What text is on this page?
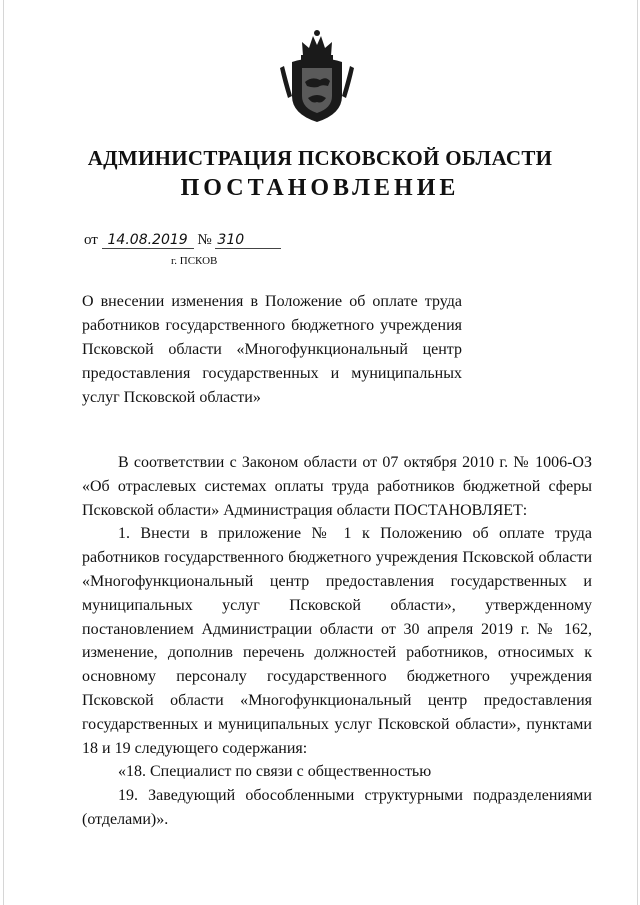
АДМИНИСТРАЦИЯ ПСКОВСКОЙ ОБЛАСТИ
ПОСТАНОВЛЕНИЕ
от 14.08.2019 № 310
г. ПСКОВ

О внесении изменения в Положение об оплате труда работников государственного бюджетного учреждения Псковской области «Многофункциональный центр предоставления государственных и муниципальных услуг Псковской области»

В соответствии с Законом области от 07 октября 2010 г. № 1006-ОЗ «Об отраслевых системах оплаты труда работников бюджетной сферы Псковской области» Администрация области ПОСТАНОВЛЯЕТ:

1. Внести в приложение № 1 к Положению об оплате труда работников государственного бюджетного учреждения Псковской области «Многофункциональный центр предоставления государственных и муниципальных услуг Псковской области», утвержденному постановлением Администрации области от 30 апреля 2019 г. № 162, изменение, дополнив перечень должностей работников, относимых к основному персоналу государственного бюджетного учреждения Псковской области «Многофункциональный центр предоставления государственных и муниципальных услуг Псковской области», пунктами 18 и 19 следующего содержания:

«18. Специалист по связи с общественностью

19. Заведующий обособленными структурными подразделениями (отделами)».
